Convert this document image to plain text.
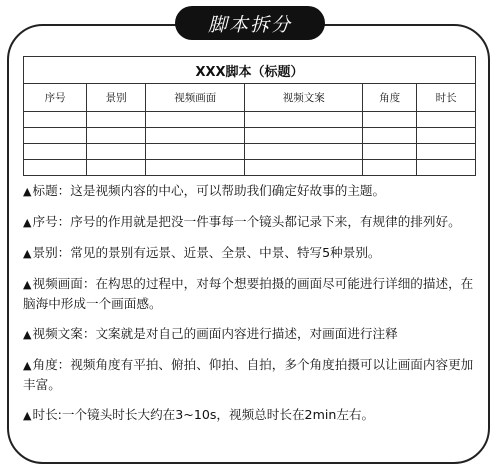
脚本拆分
XXX脚本（标题）					
序号	景别	视频画面	视频文案	角度	时长

▲标题：这是视频内容的中心，可以帮助我们确定好故事的主题。

▲序号：序号的作用就是把没一件事每一个镜头都记录下来，有规律的排列好。

▲景别：常见的景别有远景、近景、全景、中景、特写5种景别。

▲视频画面：在构思的过程中，对每个想要拍摄的画面尽可能进行详细的描述，在脑海中形成一个画面感。

▲视频文案：文案就是对自己的画面内容进行描述，对画面进行注释

▲角度：视频角度有平拍、俯拍、仰拍、自拍，多个角度拍摄可以让画面内容更加丰富。

▲时长:一个镜头时长大约在3~10s，视频总时长在2min左右。
